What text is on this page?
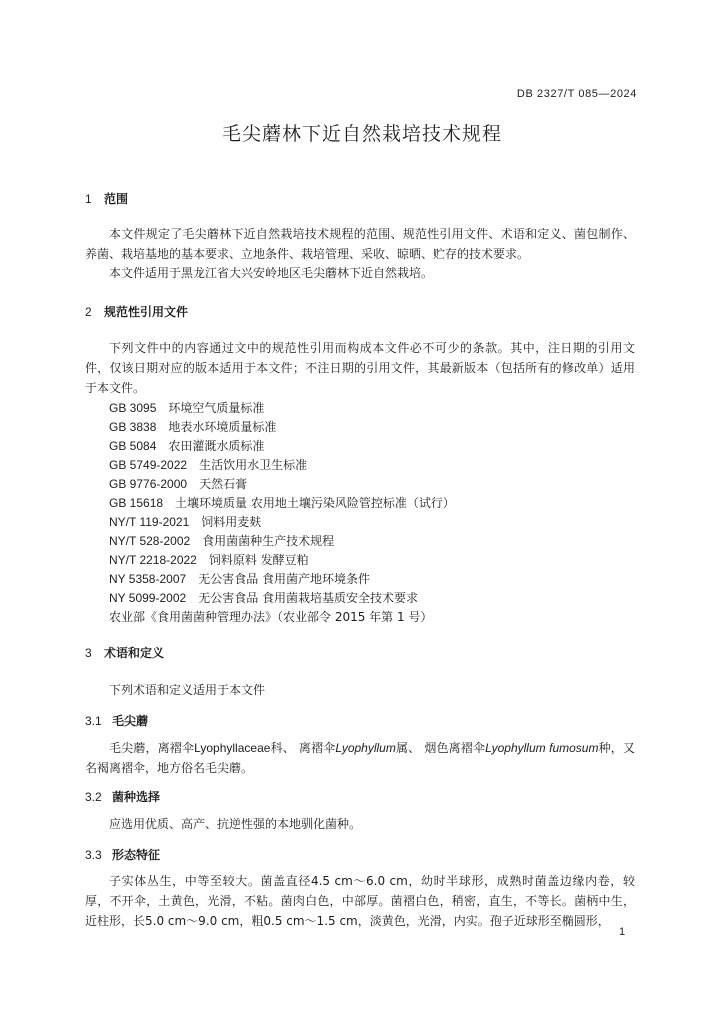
DB 2327/T 085—2024
毛尖蘑林下近自然栽培技术规程
1 范围
本文件规定了毛尖蘑林下近自然栽培技术规程的范围、规范性引用文件、术语和定义、菌包制作、养菌、栽培基地的基本要求、立地条件、栽培管理、采收、晾晒、贮存的技术要求。
本文件适用于黑龙江省大兴安岭地区毛尖蘑林下近自然栽培。
2 规范性引用文件
下列文件中的内容通过文中的规范性引用而构成本文件必不可少的条款。其中，注日期的引用文件，仅该日期对应的版本适用于本文件；不注日期的引用文件，其最新版本（包括所有的修改单）适用于本文件。
GB 3095 环境空气质量标准
GB 3838 地表水环境质量标准
GB 5084 农田灌溉水质标准
GB 5749-2022 生活饮用水卫生标准
GB 9776-2000 天然石膏
GB 15618 土壤环境质量 农用地土壤污染风险管控标准（试行）
NY/T 119-2021 饲料用麦麸
NY/T 528-2002 食用菌菌种生产技术规程
NY/T 2218-2022 饲料原料 发酵豆粕
NY 5358-2007 无公害食品 食用菌产地环境条件
NY 5099-2002 无公害食品 食用菌栽培基质安全技术要求
农业部《食用菌菌种管理办法》（农业部令 2015 年第 1 号）
3 术语和定义
下列术语和定义适用于本文件
3.1 毛尖蘑
毛尖蘑，离褶伞Lyophyllaceae科、 离褶伞Lyophyllum属、 烟色离褶伞Lyophyllum fumosum种，又名褐离褶伞，地方俗名毛尖蘑。
3.2 菌种选择
应选用优质、高产、抗逆性强的本地驯化菌种。
3.3 形态特征
子实体丛生，中等至较大。菌盖直径4.5 cm～6.0 cm，幼时半球形，成熟时菌盖边缘内卷，较厚，不开伞，土黄色，光滑，不粘。菌肉白色，中部厚。菌褶白色，稍密，直生，不等长。菌柄中生，近柱形，长5.0 cm～9.0 cm，粗0.5 cm～1.5 cm，淡黄色，光滑，内实。孢子近球形至椭圆形，
1
